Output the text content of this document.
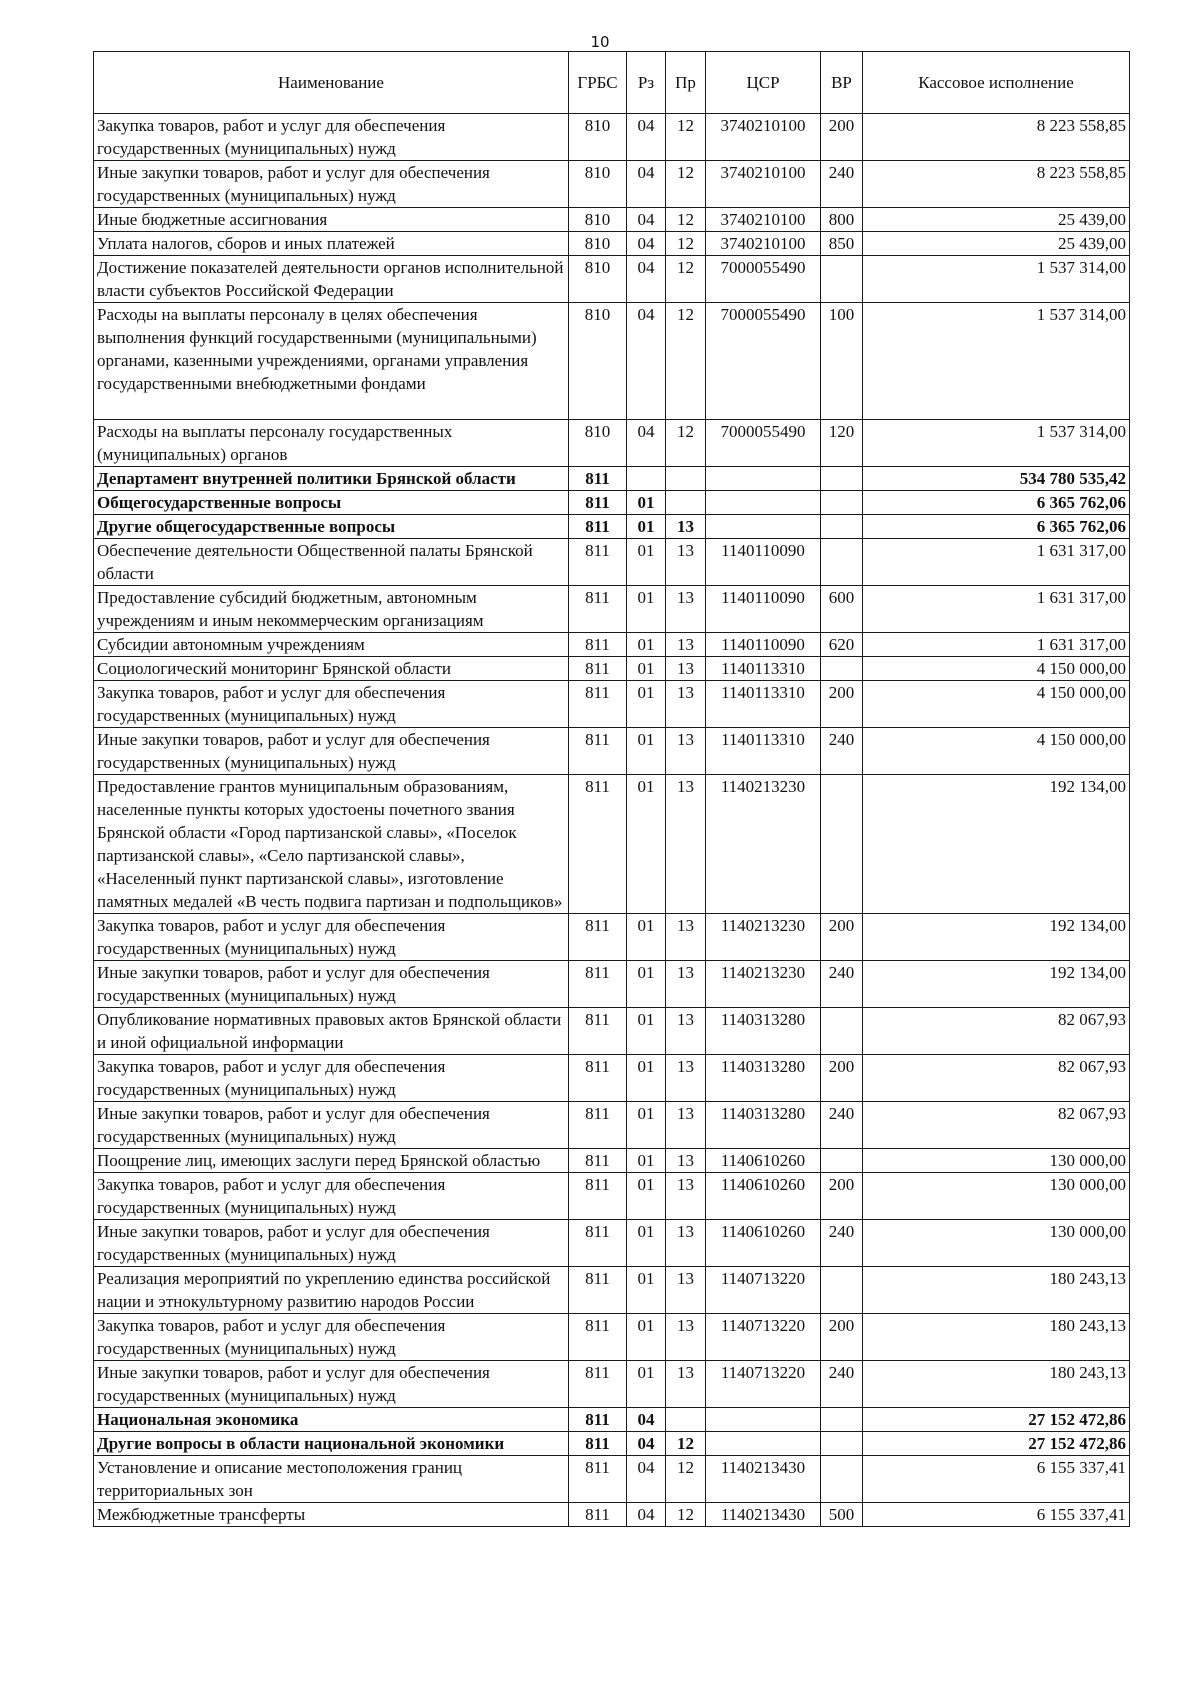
10
Наименование	ГРБС	Рз	Пр	ЦСР	ВР	Кассовое исполнение
Закупка товаров, работ и услуг для обеспечения государственных (муниципальных) нужд	810	04	12	3740210100	200	8 223 558,85
Иные закупки товаров, работ и услуг для обеспечения государственных (муниципальных) нужд	810	04	12	3740210100	240	8 223 558,85
Иные бюджетные ассигнования	810	04	12	3740210100	800	25 439,00
Уплата налогов, сборов и иных платежей	810	04	12	3740210100	850	25 439,00
Достижение показателей деятельности органов исполнительной власти субъектов Российской Федерации	810	04	12	7000055490		1 537 314,00
Расходы на выплаты персоналу в целях обеспечения выполнения функций государственными (муниципальными) органами, казенными учреждениями, органами управления государственными внебюджетными фондами	810	04	12	7000055490	100	1 537 314,00
Расходы на выплаты персоналу государственных (муниципальных) органов	810	04	12	7000055490	120	1 537 314,00
Департамент внутренней политики Брянской области	811					534 780 535,42
Общегосударственные вопросы	811	01				6 365 762,06
Другие общегосударственные вопросы	811	01	13			6 365 762,06
Обеспечение деятельности Общественной палаты Брянской области	811	01	13	1140110090		1 631 317,00
Предоставление субсидий бюджетным, автономным учреждениям и иным некоммерческим организациям	811	01	13	1140110090	600	1 631 317,00
Субсидии автономным учреждениям	811	01	13	1140110090	620	1 631 317,00
Социологический мониторинг Брянской области	811	01	13	1140113310		4 150 000,00
Закупка товаров, работ и услуг для обеспечения государственных (муниципальных) нужд	811	01	13	1140113310	200	4 150 000,00
Иные закупки товаров, работ и услуг для обеспечения государственных (муниципальных) нужд	811	01	13	1140113310	240	4 150 000,00
Предоставление грантов муниципальным образованиям, населенные пункты которых удостоены почетного звания Брянской области «Город партизанской славы», «Поселок партизанской славы», «Село партизанской славы», «Населенный пункт партизанской славы», изготовление памятных медалей «В честь подвига партизан и подпольщиков»	811	01	13	1140213230		192 134,00
Закупка товаров, работ и услуг для обеспечения государственных (муниципальных) нужд	811	01	13	1140213230	200	192 134,00
Иные закупки товаров, работ и услуг для обеспечения государственных (муниципальных) нужд	811	01	13	1140213230	240	192 134,00
Опубликование нормативных правовых актов Брянской области и иной официальной информации	811	01	13	1140313280		82 067,93
Закупка товаров, работ и услуг для обеспечения государственных (муниципальных) нужд	811	01	13	1140313280	200	82 067,93
Иные закупки товаров, работ и услуг для обеспечения государственных (муниципальных) нужд	811	01	13	1140313280	240	82 067,93
Поощрение лиц, имеющих заслуги перед Брянской областью	811	01	13	1140610260		130 000,00
Закупка товаров, работ и услуг для обеспечения государственных (муниципальных) нужд	811	01	13	1140610260	200	130 000,00
Иные закупки товаров, работ и услуг для обеспечения государственных (муниципальных) нужд	811	01	13	1140610260	240	130 000,00
Реализация мероприятий по укреплению единства российской нации и этнокультурному развитию народов России	811	01	13	1140713220		180 243,13
Закупка товаров, работ и услуг для обеспечения государственных (муниципальных) нужд	811	01	13	1140713220	200	180 243,13
Иные закупки товаров, работ и услуг для обеспечения государственных (муниципальных) нужд	811	01	13	1140713220	240	180 243,13
Национальная экономика	811	04				27 152 472,86
Другие вопросы в области национальной экономики	811	04	12			27 152 472,86
Установление и описание местоположения границ территориальных зон	811	04	12	1140213430		6 155 337,41
Межбюджетные трансферты	811	04	12	1140213430	500	6 155 337,41
